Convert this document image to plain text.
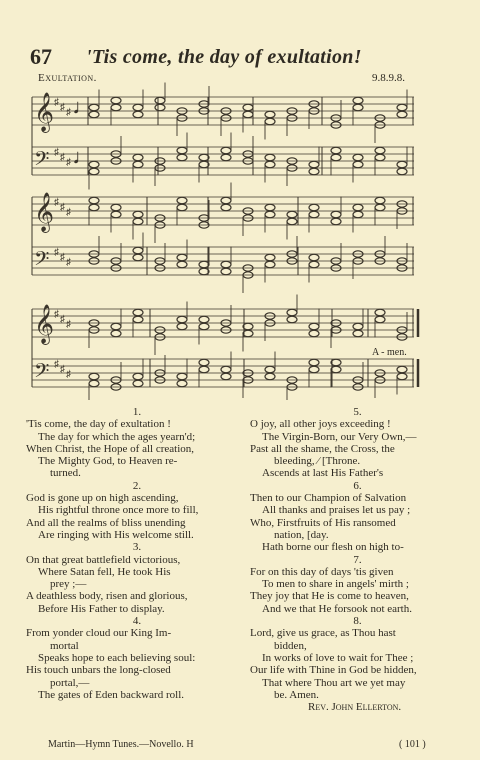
67 'Tis come, the day of exultation!
Exultation.	9.8.9.8.
𝄞 ♯ ♯ ♯ 𝅘𝅥
𝄢 ♯ ♯ ♯ 𝅘𝅥
𝄞 ♯ ♯ ♯
𝄢 ♯ ♯ ♯
𝄞 ♯ ♯ ♯
𝄢 ♯ ♯ ♯
A - men.

1.

'Tis come, the day of exultation !

The day for which the ages yearn'd;

When Christ, the Hope of all creation,

The Mighty God, to Heaven re-

turned.

2.

God is gone up on high ascending,

His rightful throne once more to fill,

And all the realms of bliss unending

Are ringing with His welcome still.

3.

On that great battlefield victorious,

Where Satan fell, He took His

prey ;—

A deathless body, risen and glorious,

Before His Father to display.

4.

From yonder cloud our King Im-

mortal

Speaks hope to each believing soul:

His touch unbars the long-closed

portal,—

The gates of Eden backward roll.

5.

O joy, all other joys exceeding !

The Virgin-Born, our Very Own,—

Past all the shame, the Cross, the

bleeding, ⁄ [Throne.

Ascends at last His Father's

6.

Then to our Champion of Salvation

All thanks and praises let us pay ;

Who, Firstfruits of His ransomed

nation, [day.

Hath borne our flesh on high to-

7.

For on this day of days 'tis given

To men to share in angels' mirth ;

They joy that He is come to heaven,

And we that He forsook not earth.

8.

Lord, give us grace, as Thou hast

bidden,

In works of love to wait for Thee ;

Our life with Thine in God be hidden,

That where Thou art we yet may

be. Amen.

Rev. John Ellerton.

Martin—Hymn Tunes.—Novello. H	( 101 )
